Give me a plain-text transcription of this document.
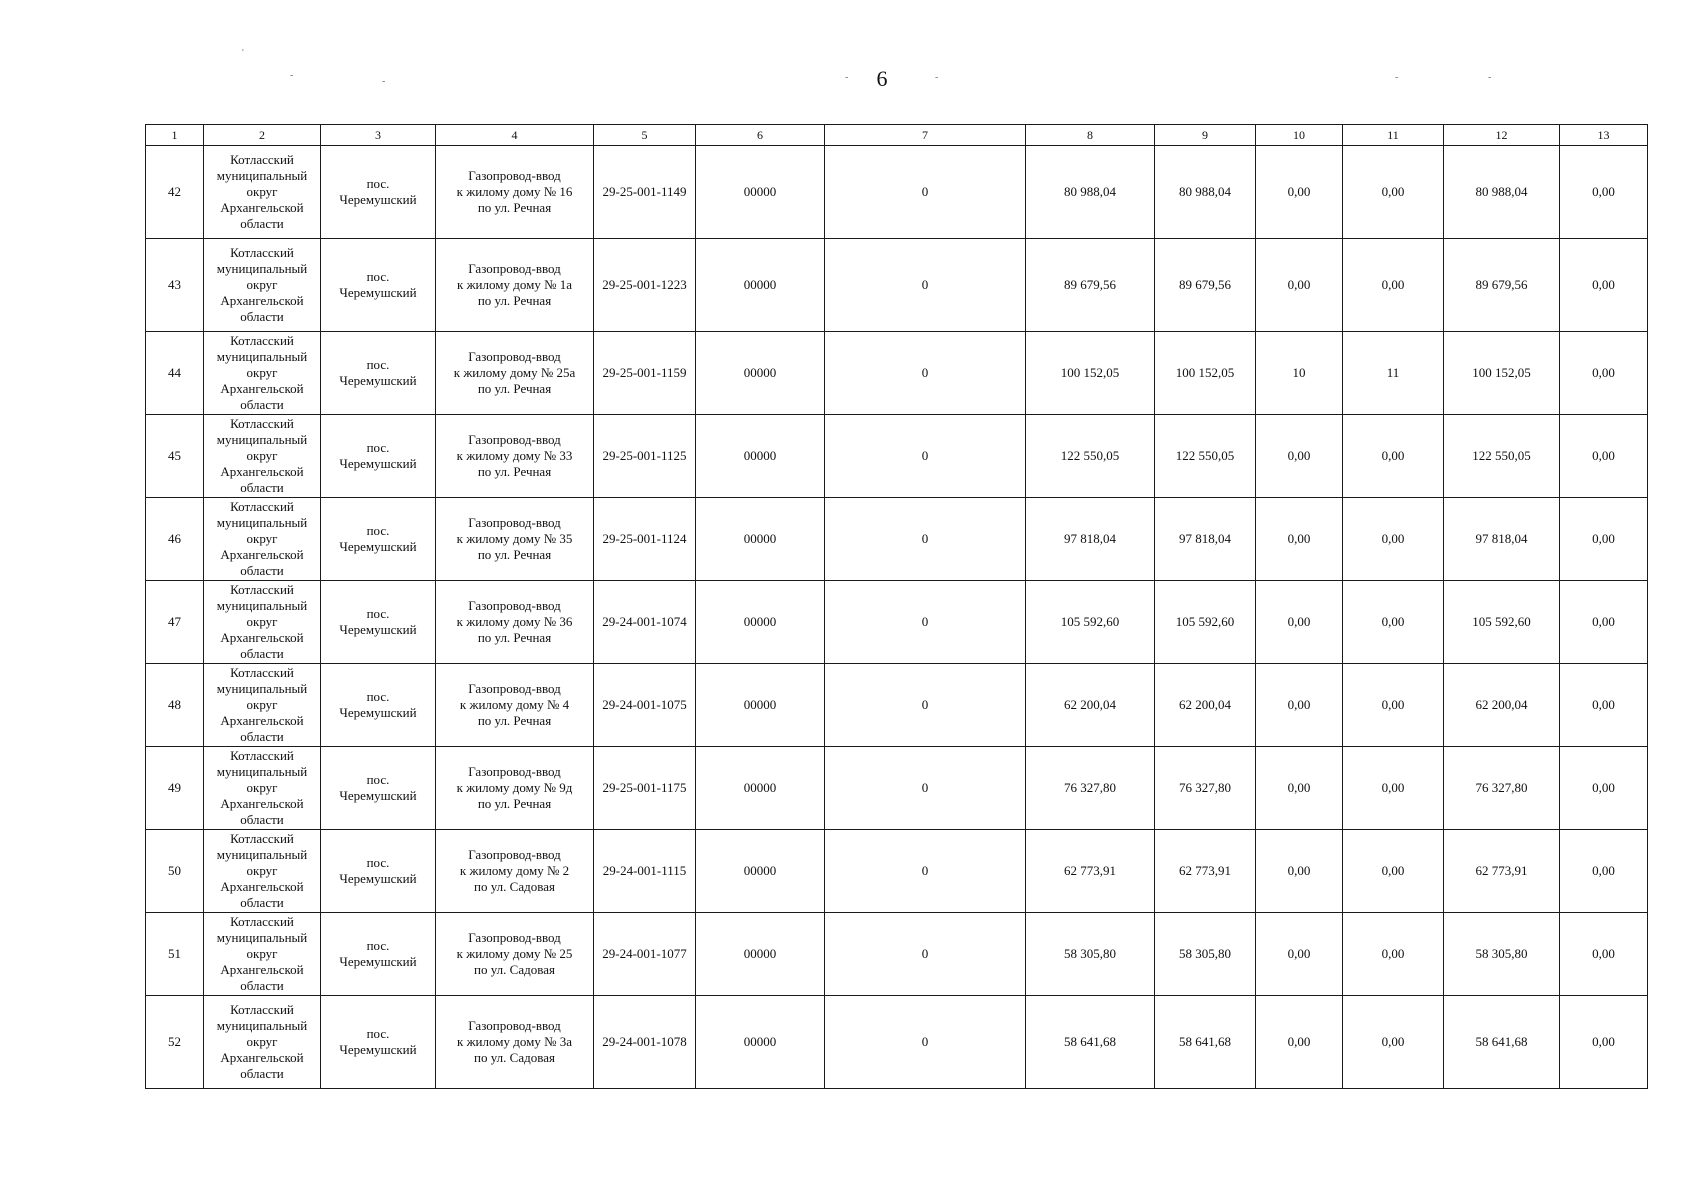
6
'
-
-	-	-	-	-
1	2	3	4	5	6	7	8	9	10	11	12	13
42	Котласский
муниципальный
округ
Архангельской
области	пос.
Черемушский	Газопровод-ввод
к жилому дому № 16
по ул. Речная	29-25-001-1149	00000	0	80 988,04	80 988,04	0,00	0,00	80 988,04	0,00
43	Котласский
муниципальный
округ
Архангельской
области	пос.
Черемушский	Газопровод-ввод
к жилому дому № 1а
по ул. Речная	29-25-001-1223	00000	0	89 679,56	89 679,56	0,00	0,00	89 679,56	0,00
44	Котласский
муниципальный
округ
Архангельской
области	пос.
Черемушский	Газопровод-ввод
к жилому дому № 25а
по ул. Речная	29-25-001-1159	00000	0	100 152,05	100 152,05	10	11	100 152,05	0,00
45	Котласский
муниципальный
округ
Архангельской
области	пос.
Черемушский	Газопровод-ввод
к жилому дому № 33
по ул. Речная	29-25-001-1125	00000	0	122 550,05	122 550,05	0,00	0,00	122 550,05	0,00
46	Котласский
муниципальный
округ
Архангельской
области	пос.
Черемушский	Газопровод-ввод
к жилому дому № 35
по ул. Речная	29-25-001-1124	00000	0	97 818,04	97 818,04	0,00	0,00	97 818,04	0,00
47	Котласский
муниципальный
округ
Архангельской
области	пос.
Черемушский	Газопровод-ввод
к жилому дому № 36
по ул. Речная	29-24-001-1074	00000	0	105 592,60	105 592,60	0,00	0,00	105 592,60	0,00
48	Котласский
муниципальный
округ
Архангельской
области	пос.
Черемушский	Газопровод-ввод
к жилому дому № 4
по ул. Речная	29-24-001-1075	00000	0	62 200,04	62 200,04	0,00	0,00	62 200,04	0,00
49	Котласский
муниципальный
округ
Архангельской
области	пос.
Черемушский	Газопровод-ввод
к жилому дому № 9д
по ул. Речная	29-25-001-1175	00000	0	76 327,80	76 327,80	0,00	0,00	76 327,80	0,00
50	Котласский
муниципальный
округ
Архангельской
области	пос.
Черемушский	Газопровод-ввод
к жилому дому № 2
по ул. Садовая	29-24-001-1115	00000	0	62 773,91	62 773,91	0,00	0,00	62 773,91	0,00
51	Котласский
муниципальный
округ
Архангельской
области	пос.
Черемушский	Газопровод-ввод
к жилому дому № 25
по ул. Садовая	29-24-001-1077	00000	0	58 305,80	58 305,80	0,00	0,00	58 305,80	0,00
52	Котласский
муниципальный
округ
Архангельской
области	пос.
Черемушский	Газопровод-ввод
к жилому дому № 3а
по ул. Садовая	29-24-001-1078	00000	0	58 641,68	58 641,68	0,00	0,00	58 641,68	0,00
